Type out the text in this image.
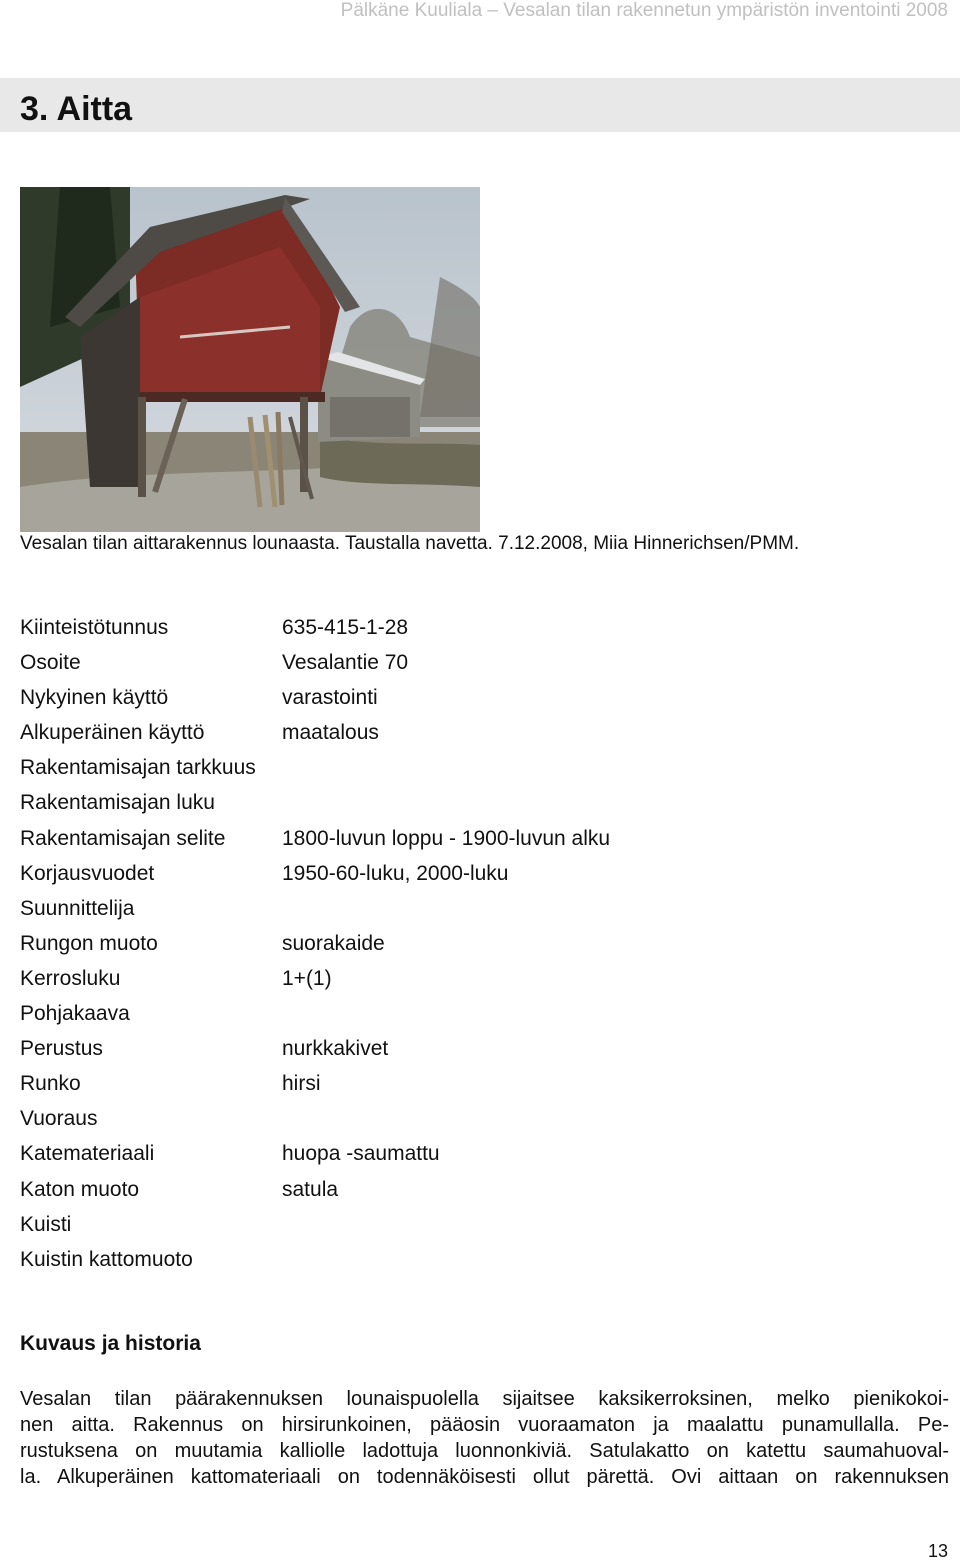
Pälkäne Kuuliala – Vesalan tilan rakennetun ympäristön inventointi 2008
3. Aitta
Vesalan tilan aittarakennus lounaasta. Taustalla navetta. 7.12.2008, Miia Hinnerichsen/PMM.
Kiinteistötunnus	635-415-1-28
Osoite	Vesalantie 70
Nykyinen käyttö	varastointi
Alkuperäinen käyttö	maatalous
Rakentamisajan tarkkuus
Rakentamisajan luku
Rakentamisajan selite	1800-luvun loppu - 1900-luvun alku
Korjausvuodet	1950-60-luku, 2000-luku
Suunnittelija
Rungon muoto	suorakaide
Kerrosluku	1+(1)
Pohjakaava
Perustus	nurkkakivet
Runko	hirsi
Vuoraus
Katemateriaali	huopa -saumattu
Katon muoto	satula
Kuisti
Kuistin kattomuoto
Kuvaus ja historia
Vesalan tilan päärakennuksen lounaispuolella sijaitsee kaksikerroksinen, melko pienikokoi-
nen aitta. Rakennus on hirsirunkoinen, pääosin vuoraamaton ja maalattu punamullalla. Pe-
rustuksena on muutamia kalliolle ladottuja luonnonkiviä. Satulakatto on katettu saumahuoval-
la. Alkuperäinen kattomateriaali on todennäköisesti ollut pärettä. Ovi aittaan on rakennuksen
13
